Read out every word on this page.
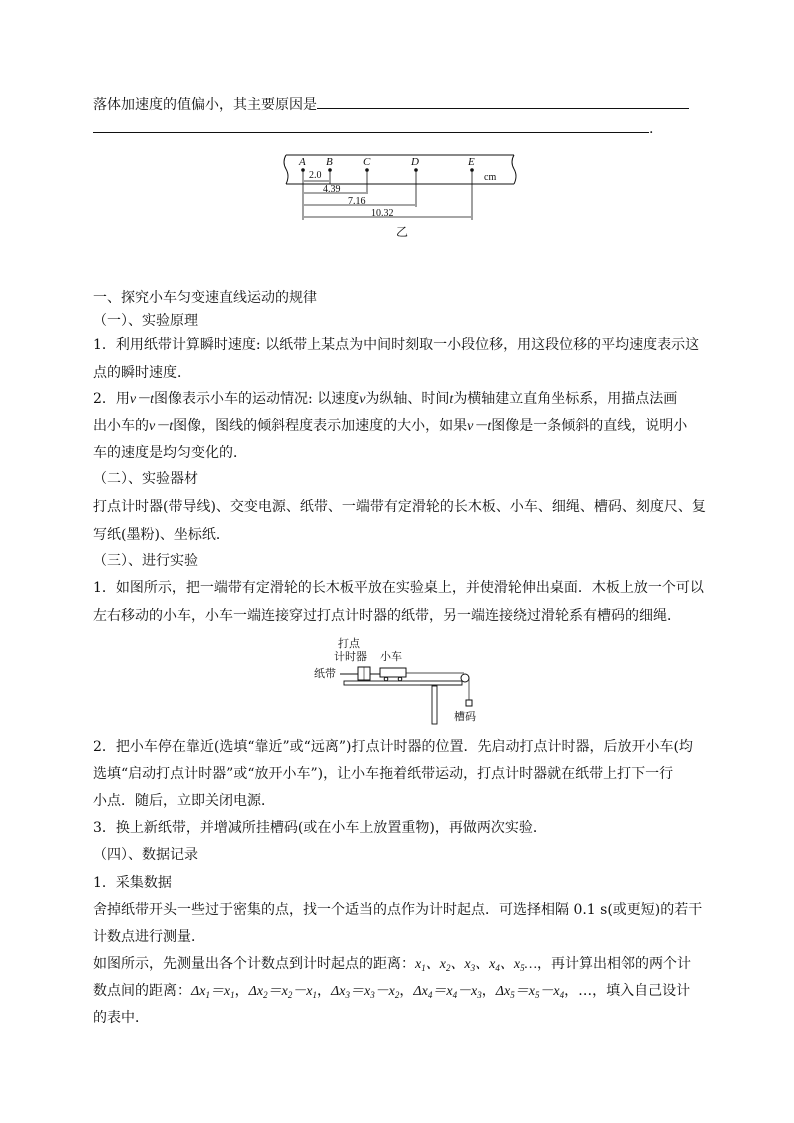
落体加速度的值偏小，其主要原因是
.
A B	C	D	E
cm
2.0
4.39
7.16
10.32
乙
一、探究小车匀变速直线运动的规律
（一）、实验原理
1．利用纸带计算瞬时速度: 以纸带上某点为中间时刻取一小段位移，用这段位移的平均速度表示这
点的瞬时速度．
2．用v－t图像表示小车的运动情况: 以速度v为纵轴、时间t为横轴建立直角坐标系，用描点法画
出小车的v－t图像，图线的倾斜程度表示加速度的大小，如果v－t图像是一条倾斜的直线，说明小
车的速度是均匀变化的．
（二）、实验器材
打点计时器(带导线)、交变电源、纸带、一端带有定滑轮的长木板、小车、细绳、槽码、刻度尺、复
写纸(墨粉)、坐标纸．
（三）、进行实验
1．如图所示，把一端带有定滑轮的长木板平放在实验桌上，并使滑轮伸出桌面．木板上放一个可以
左右移动的小车，小车一端连接穿过打点计时器的纸带，另一端连接绕过滑轮系有槽码的细绳．
打点
计时器 小车
纸带
槽码
2．把小车停在靠近(选填“靠近”或“远离”)打点计时器的位置．先启动打点计时器，后放开小车(均
选填“启动打点计时器”或“放开小车”)，让小车拖着纸带运动，打点计时器就在纸带上打下一行
小点．随后，立即关闭电源．
3．换上新纸带，并增减所挂槽码(或在小车上放置重物)，再做两次实验．
（四）、数据记录
1．采集数据
舍掉纸带开头一些过于密集的点，找一个适当的点作为计时起点．可选择相隔 0.1 s(或更短)的若干
计数点进行测量．
如图所示，先测量出各个计数点到计时起点的距离：$x_1$、$x_2$、$x_3$、$x_4$、$x_5\dots$，再计算出相邻的两个计
数点间的距离：$\Delta x_1=x_1$，$\Delta x_2=x_2-x_1$，$\Delta x_3=x_3-x_2$，$\Delta x_4=x_4-x_3$，$\Delta x_5=x_5-x_4$，…，填入自己设计
的表中．
